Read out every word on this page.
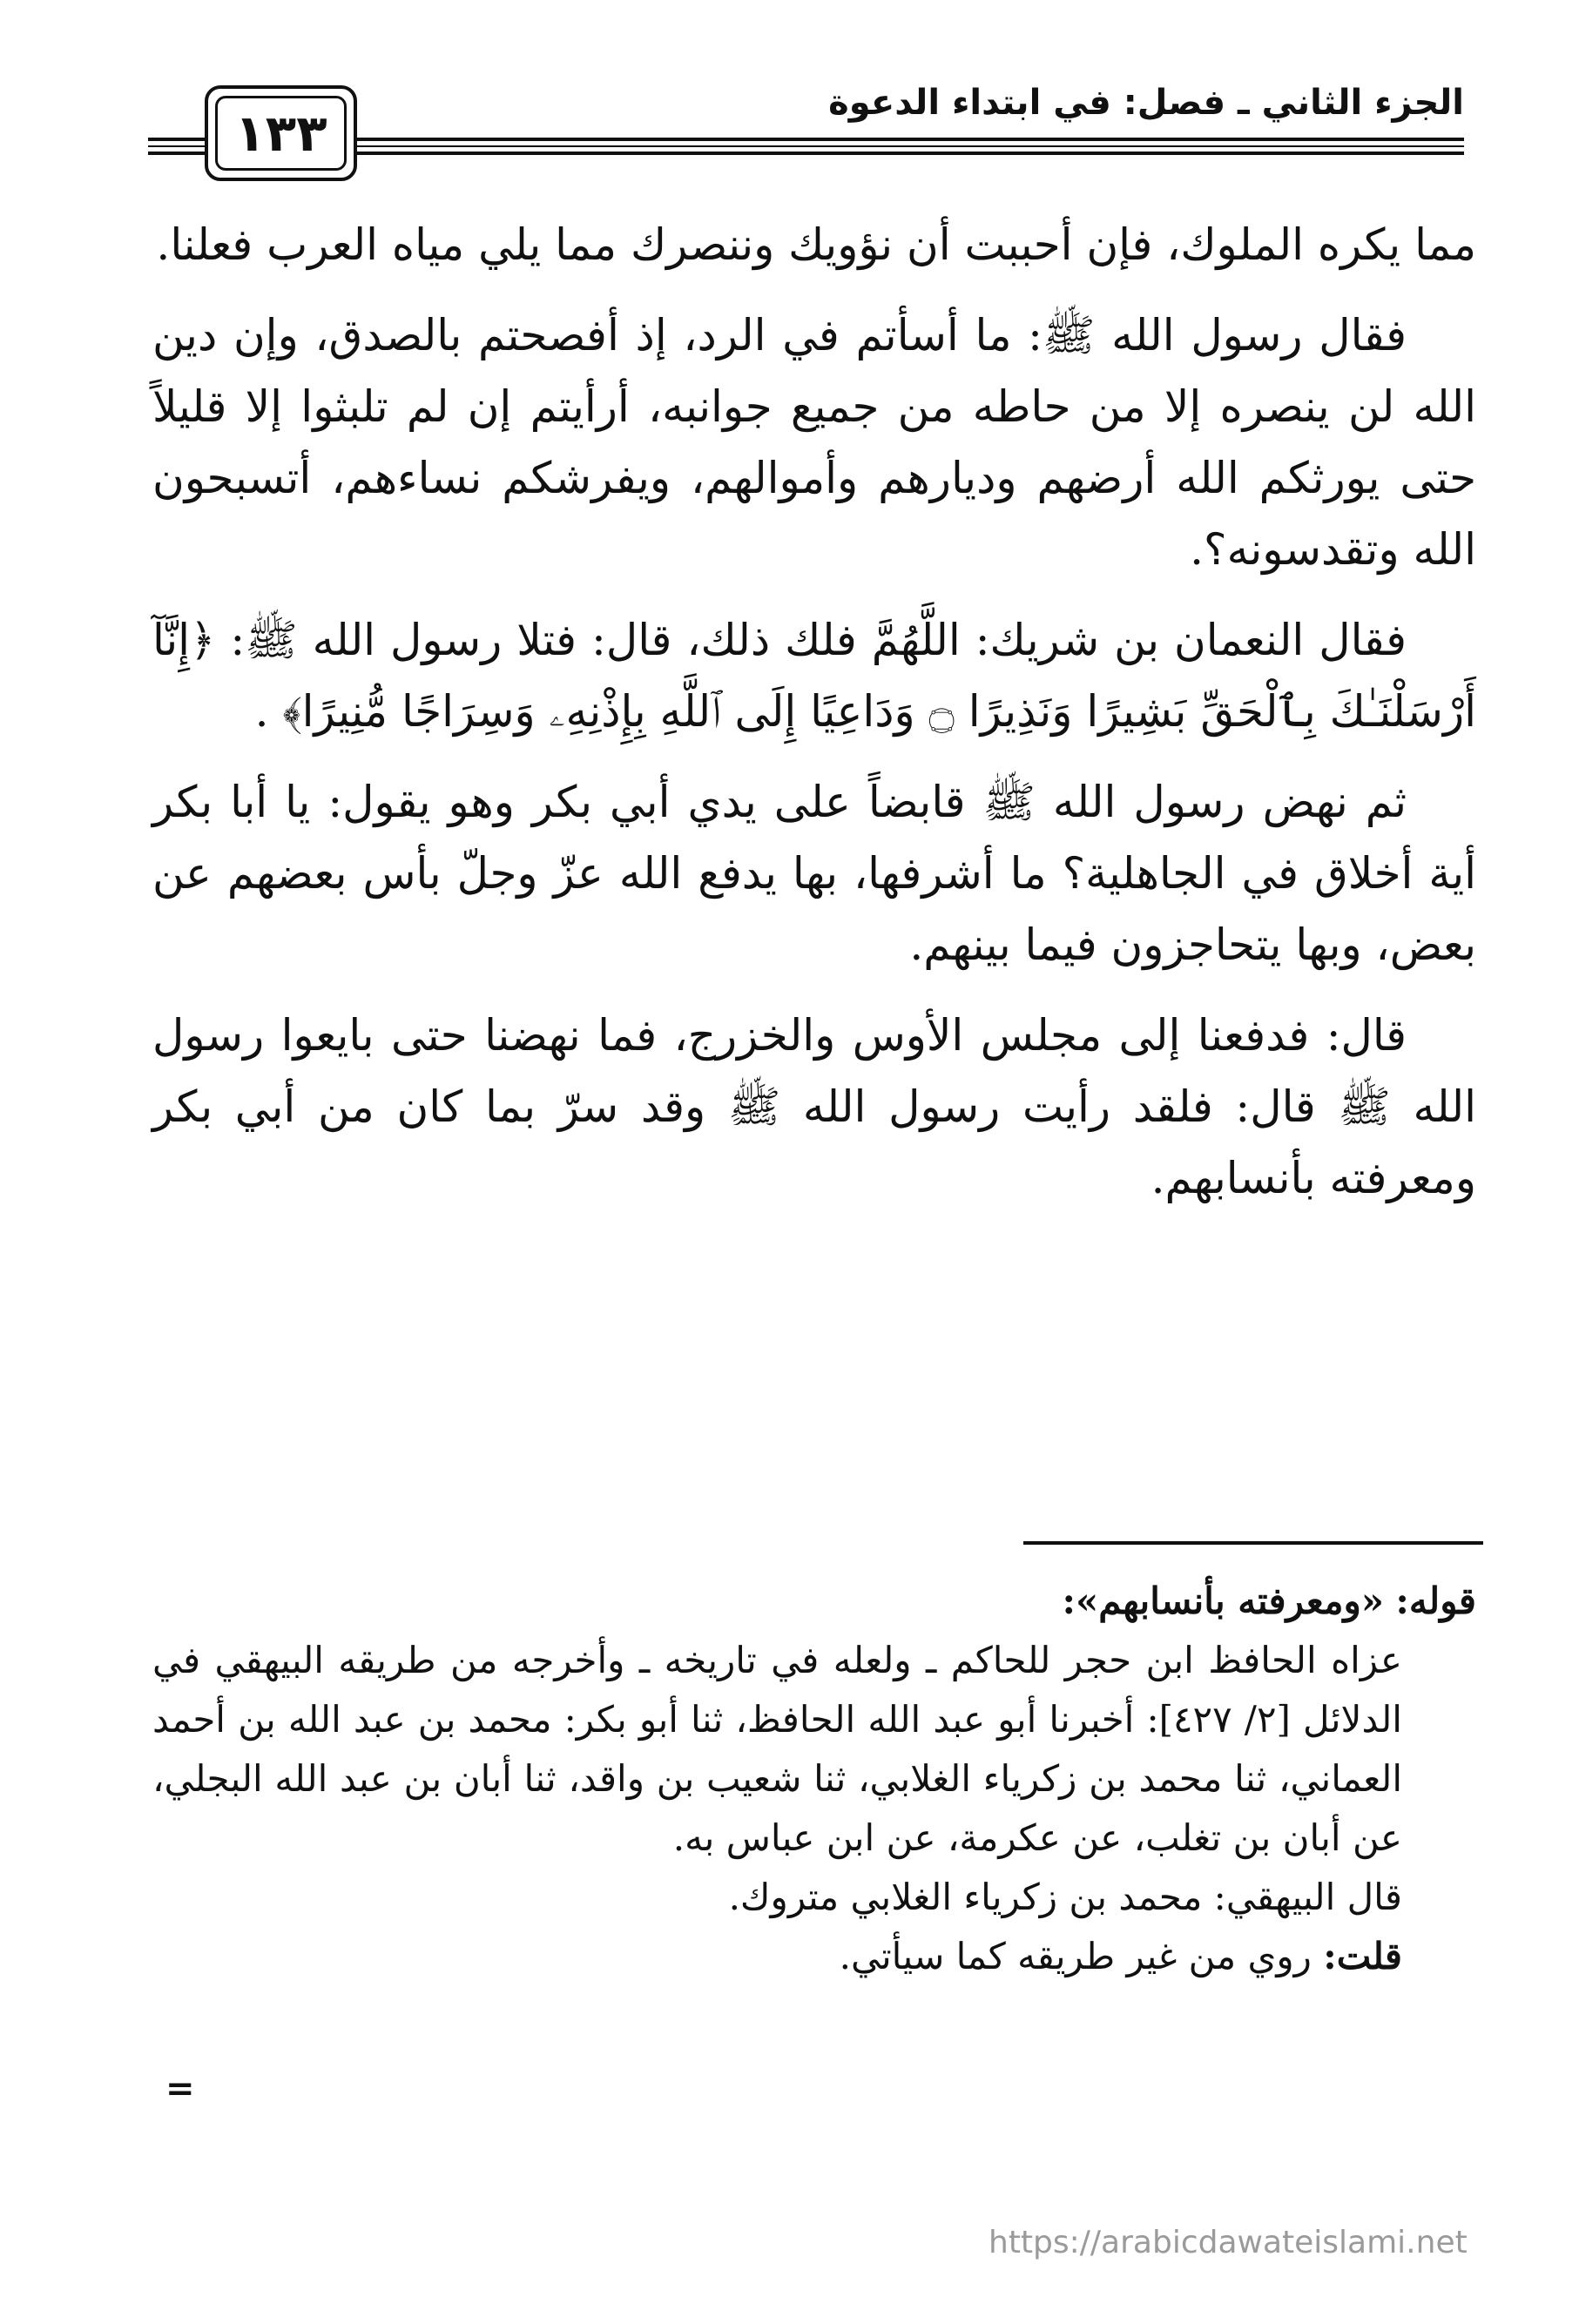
الجزء الثاني ـ فصل: في ابتداء الدعوة
١٣٣

مما يكره الملوك، فإن أحببت أن نؤويك وننصرك مما يلي مياه العرب فعلنا.

فقال رسول الله ﷺ: ما أسأتم في الرد، إذ أفصحتم بالصدق، وإن دين الله لن ينصره إلا من حاطه من جميع جوانبه، أرأيتم إن لم تلبثوا إلا قليلاً حتى يورثكم الله أرضهم وديارهم وأموالهم، ويفرشكم نساءهم، أتسبحون الله وتقدسونه؟.

فقال النعمان بن شريك: اللَّهُمَّ فلك ذلك، قال: فتلا رسول الله ﷺ: ﴿إِنَّآ أَرْسَلْنَـٰكَ بِٱلْحَقِّ بَشِيرًا وَنَذِيرًا ۝ وَدَاعِيًا إِلَى ٱللَّهِ بِإِذْنِهِۦ وَسِرَاجًا مُّنِيرًا﴾ .

ثم نهض رسول الله ﷺ قابضاً على يدي أبي بكر وهو يقول: يا أبا بكر أية أخلاق في الجاهلية؟ ما أشرفها، بها يدفع الله عزّ وجلّ بأس بعضهم عن بعض، وبها يتحاجزون فيما بينهم.

قال: فدفعنا إلى مجلس الأوس والخزرج، فما نهضنا حتى بايعوا رسول الله ﷺ قال: فلقد رأيت رسول الله ﷺ وقد سرّ بما كان من أبي بكر ومعرفته بأنسابهم.

قوله: «ومعرفته بأنسابهم»:

عزاه الحافظ ابن حجر للحاكم ـ ولعله في تاريخه ـ وأخرجه من طريقه البيهقي في الدلائل [٢/ ٤٢٧]: أخبرنا أبو عبد الله الحافظ، ثنا أبو بكر: محمد بن عبد الله بن أحمد العماني، ثنا محمد بن زكرياء الغلابي، ثنا شعيب بن واقد، ثنا أبان بن عبد الله البجلي، عن أبان بن تغلب، عن عكرمة، عن ابن عباس به.

قال البيهقي: محمد بن زكرياء الغلابي متروك.

قلت: روي من غير طريقه كما سيأتي.

=
https://arabicdawateislami.net
